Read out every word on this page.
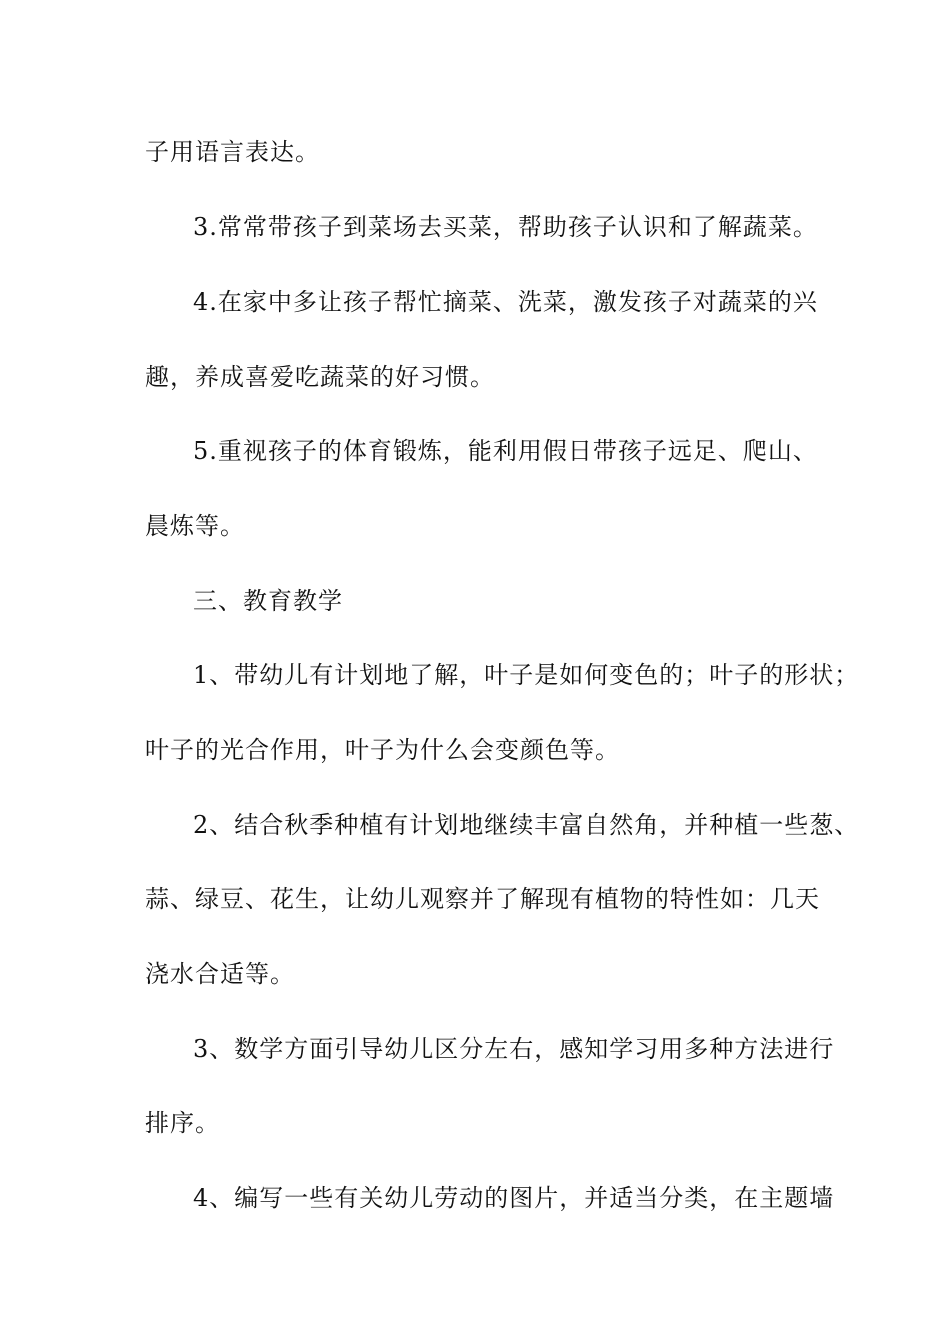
子用语言表达。
3.常常带孩子到菜场去买菜，帮助孩子认识和了解蔬菜。
4.在家中多让孩子帮忙摘菜、洗菜，激发孩子对蔬菜的兴
趣，养成喜爱吃蔬菜的好习惯。
5.重视孩子的体育锻炼，能利用假日带孩子远足、爬山、
晨炼等。
三、教育教学
1、带幼儿有计划地了解，叶子是如何变色的；叶子的形状；
叶子的光合作用，叶子为什么会变颜色等。
2、结合秋季种植有计划地继续丰富自然角，并种植一些葱、
蒜、绿豆、花生，让幼儿观察并了解现有植物的特性如：几天
浇水合适等。
3、数学方面引导幼儿区分左右，感知学习用多种方法进行
排序。
4、编写一些有关幼儿劳动的图片，并适当分类，在主题墙
